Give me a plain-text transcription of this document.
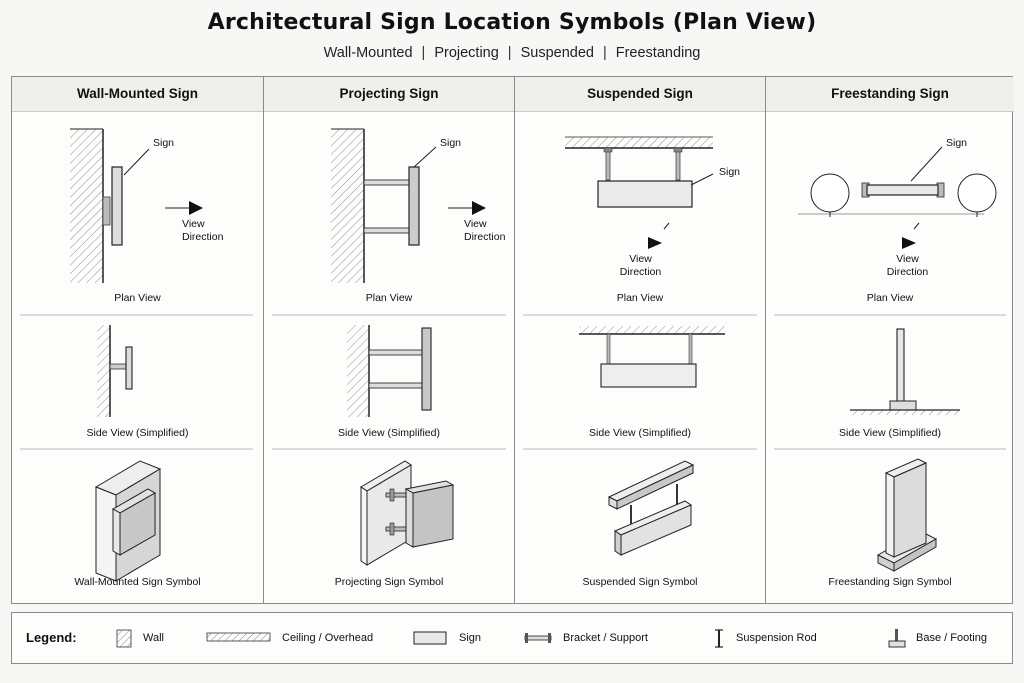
Architectural Sign Location Symbols (Plan View)
Wall-Mounted | Projecting | Suspended | Freestanding
Wall-Mounted Sign
Sign
View
Direction
Plan View
Side View (Simplified)
Wall-Mounted Sign Symbol
Projecting Sign
Sign
View
Direction
Plan View
Side View (Simplified)
Projecting Sign Symbol
Suspended Sign
Sign
View
Direction
Plan View
Side View (Simplified)
Suspended Sign Symbol
Freestanding Sign
Sign
View
Direction
Plan View
Side View (Simplified)
Freestanding Sign Symbol
Legend:	Wall	Ceiling / Overhead	Sign	Bracket / Support	Suspension Rod	Base / Footing
